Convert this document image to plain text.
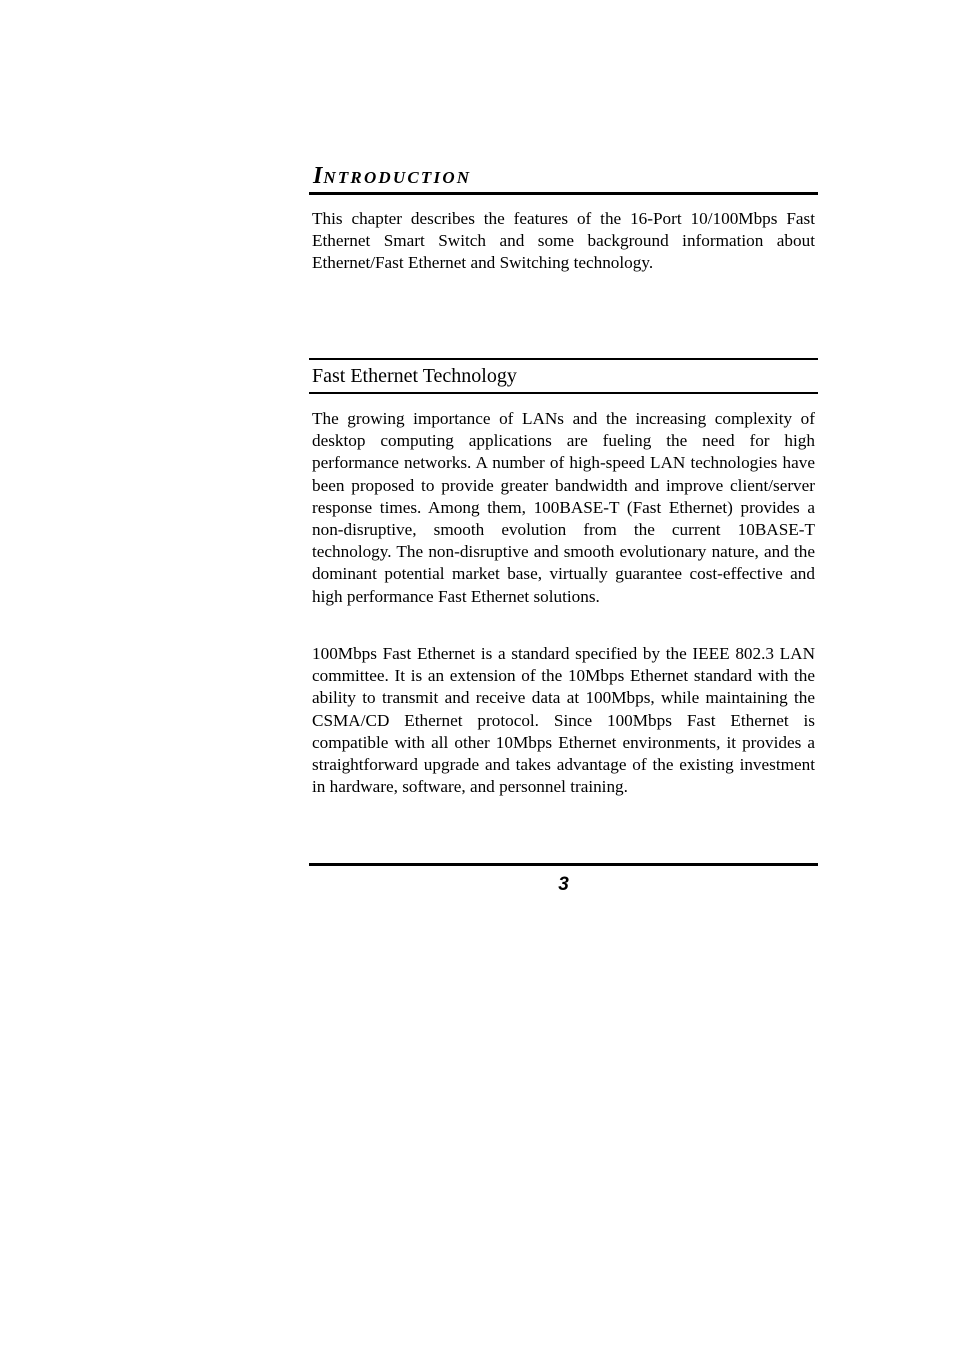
INTRODUCTION

This chapter describes the features of the 16-Port 10/100Mbps Fast Ethernet Smart Switch and some background information about Ethernet/Fast Ethernet and Switching technology.

Fast Ethernet Technology

The growing importance of LANs and the increasing complexity of desktop computing applications are fueling the need for high performance networks. A number of high-speed LAN technologies have been proposed to provide greater bandwidth and improve client/server response times. Among them, 100BASE-T (Fast Ethernet) provides a non-disruptive, smooth evolution from the current 10BASE-T technology. The non-disruptive and smooth evolutionary nature, and the dominant potential market base, virtually guarantee cost-effective and high performance Fast Ethernet solutions.

100Mbps Fast Ethernet is a standard specified by the IEEE 802.3 LAN committee. It is an extension of the 10Mbps Ethernet standard with the ability to transmit and receive data at 100Mbps, while maintaining the CSMA/CD Ethernet protocol. Since 100Mbps Fast Ethernet is compatible with all other 10Mbps Ethernet environments, it provides a straightforward upgrade and takes advantage of the existing investment in hardware, software, and personnel training.

3
